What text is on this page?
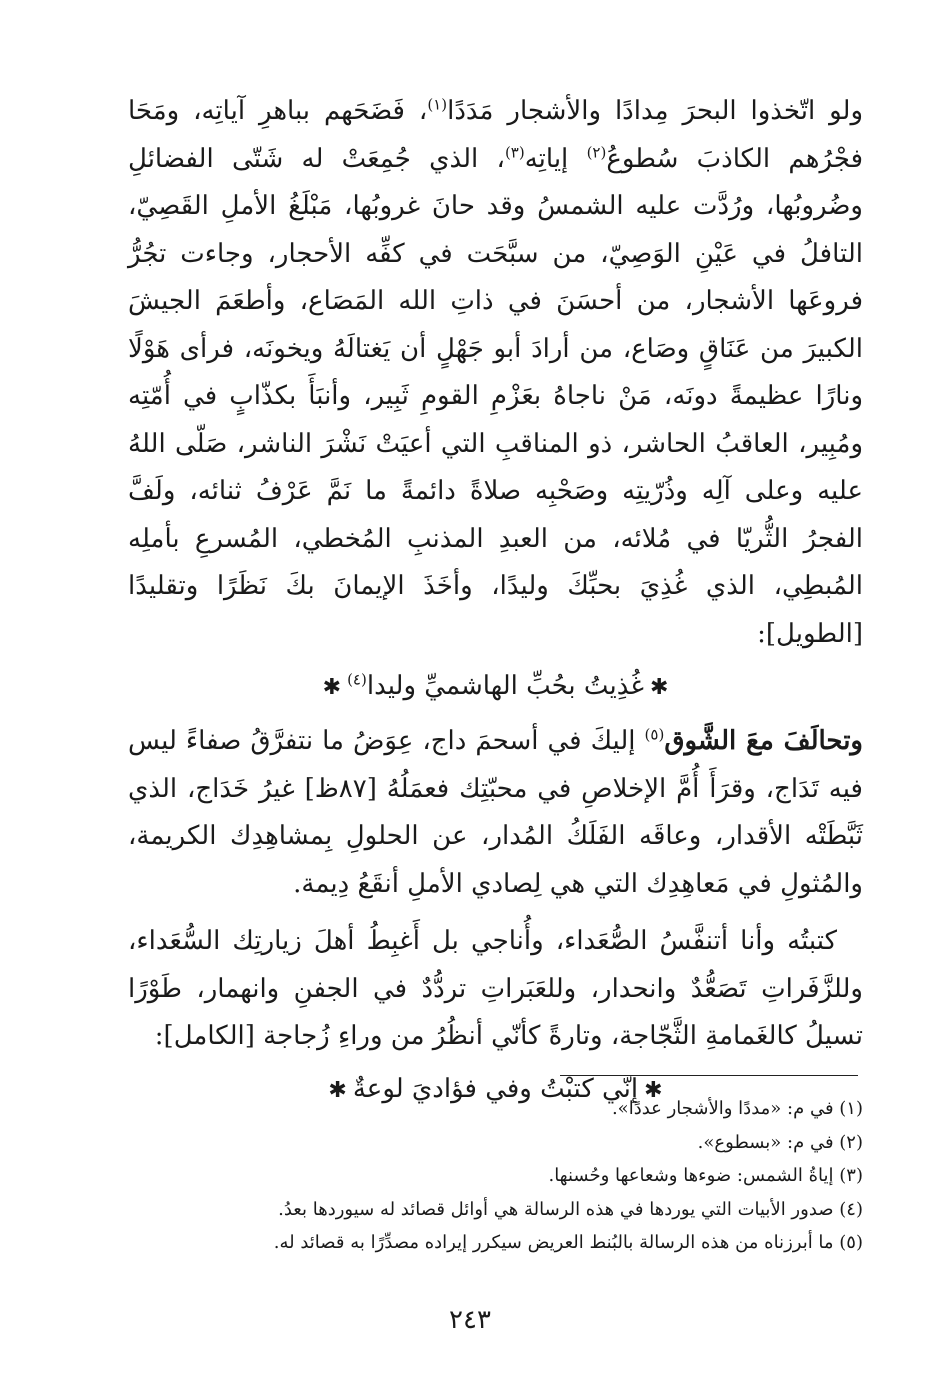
ولو اتّخذوا البحرَ مِدادًا والأشجار مَدَدًا$^{(١)}$، فَضَحَهم بباهرِ آياتِه، ومَحَا فجْرُهم الكاذبَ سُطوعُ$^{(٢)}$ إياتِه$^{(٣)}$، الذي جُمِعَتْ له شَتّى الفضائلِ وضُروبُها، ورُدَّت عليه الشمسُ وقد حانَ غروبُها، مَبْلَغُ الأملِ القَصِيّ، التافلُ في عَيْنِ الوَصِيّ، من سبَّحَت في كفِّه الأحجار، وجاءت تجُرُّ فروعَها الأشجار، من أحسَنَ في ذاتِ الله المَصَاع، وأطعَمَ الجيشَ الكبيرَ من عَنَاقٍ وصَاع، من أرادَ أبو جَهْلٍ أن يَغتالَهُ ويخونَه، فرأى هَوْلًا ونارًا عظيمةً دونَه، مَنْ ناجاهُ بعَزْمِ القومِ ثَبِير، وأنبَأَ بكذّابٍ في أُمّتِه ومُبِير، العاقبُ الحاشر، ذو المناقبِ التي أعيَتْ نَشْرَ الناشر، صَلّى اللهُ عليه وعلى آلِه وذُرّيتِه وصَحْبِه صلاةً دائمةً ما نَمَّ عَرْفُ ثنائه، ولَفَّ الفجرُ الثُّريّا في مُلائه، من العبدِ المذنبِ المُخطي، المُسرعِ بأملِه المُبطِي، الذي غُذِيَ بحبِّكَ وليدًا، وأخَذَ الإيمانَ بكَ نَظَرًا وتقليدًا [الطويل]:

✱غُذِيتُ بحُبِّ الهاشميِّ وليدا$^{(٤)}$✱

وتحالَفَ معَ الشَّوق$^{(٥)}$ إليكَ في أسحمَ داج، عِوَضُ ما نتفرَّقُ صفاءً ليس فيه تَدَاج، وقرَأَ أُمَّ الإخلاصِ في محبّتِك فعمَلُهُ [٨٧ظ] غيرُ خَدَاج، الذي ثَبَّطَتْه الأقدار، وعاقَه الفَلَكُ المُدار، عن الحلولِ بِمشاهِدِك الكريمة، والمُثولِ في مَعاهِدِك التي هي لِصادي الأملِ أنقَعُ دِيمة.

كتبتُه وأنا أتنفَّسُ الصُّعَداء، وأُناجي بل أَغبِطُ أهلَ زيارتِك السُّعَداء، وللزَّفَراتِ تَصَعُّدٌ وانحدار، وللعَبَراتِ تردُّدٌ في الجفنِ وانهمار، طَوْرًا تسيلُ كالغَمامةِ الثَّجّاجة، وتارةً كأنّي أنظُرُ من وراءِ زُجاجة [الكامل]:

✱إنّي كتبْتُ وفي فؤاديَ لوعةٌ✱
(١) في م: «مددًا والأشجار عددًا».
(٢) في م: «بسطوع».
(٣) إياةُ الشمس: ضوءها وشعاعها وحُسنها.
(٤) صدور الأبيات التي يوردها في هذه الرسالة هي أوائل قصائد له سيوردها بعدُ.
(٥) ما أبرزناه من هذه الرسالة بالبُنط العريض سيكرر إيراده مصدِّرًا به قصائد له.
٢٤٣
